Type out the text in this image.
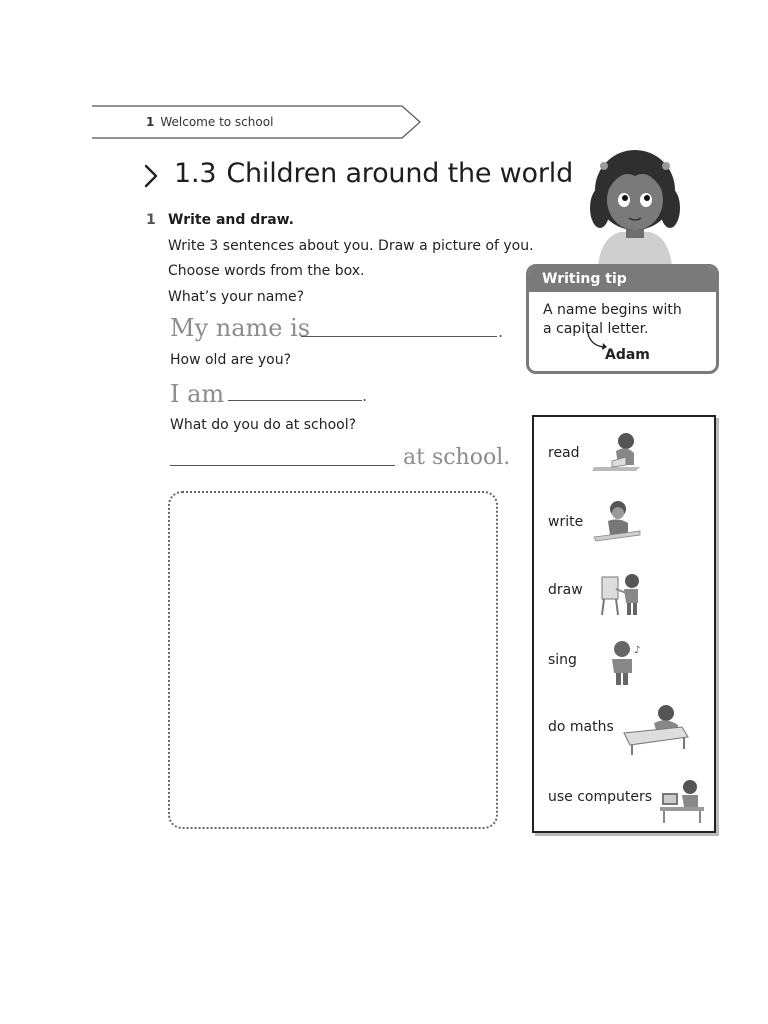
1 Welcome to school
1.3 Children around the world
1 Write and draw.
Write 3 sentences about you. Draw a picture of you.
Choose words from the box.
What’s your name?
My name is	.
How old are you?
I am	.
What do you do at school?
at school.
Writing tip
A name begins with
a capital letter.
Adam
read
write
draw
sing
♪
do maths
use computers
